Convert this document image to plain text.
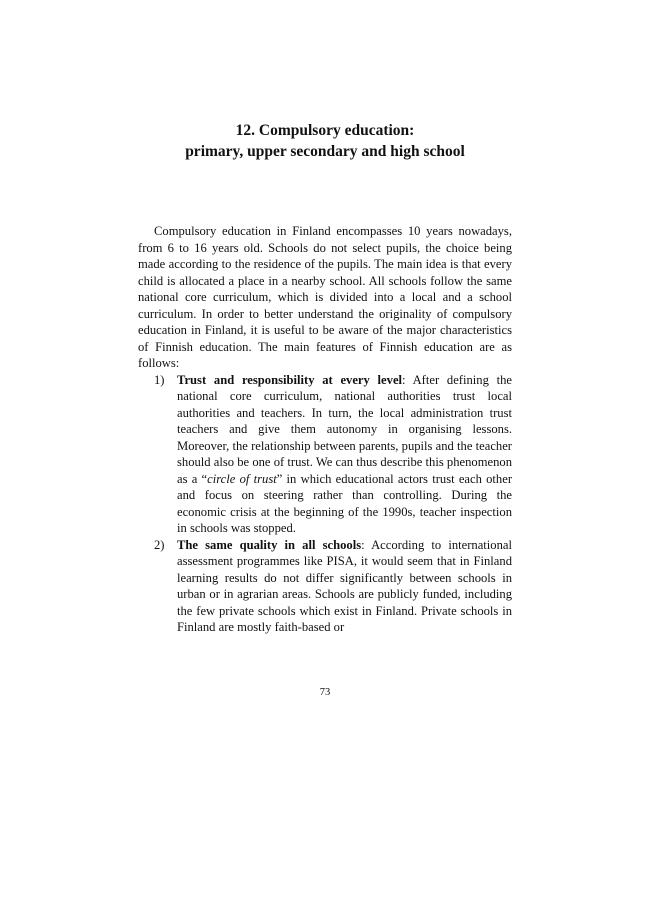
12. Compulsory education:
primary, upper secondary and high school

Compulsory education in Finland encompasses 10 years nowadays, from 6 to 16 years old. Schools do not select pupils, the choice being made according to the residence of the pupils. The main idea is that every child is allocated a place in a nearby school. All schools follow the same national core curriculum, which is divided into a local and a school curriculum. In order to better understand the originality of compulsory education in Finland, it is useful to be aware of the major characteristics of Finnish education. The main features of Finnish education are as follows:

1) Trust and responsibility at every level: After defining the national core curriculum, national authorities trust local authorities and teachers. In turn, the local administration trust teachers and give them autonomy in organising lessons. Moreover, the relationship between parents, pupils and the teacher should also be one of trust. We can thus describe this phenomenon as a “circle of trust” in which educational actors trust each other and focus on steering rather than controlling. During the economic crisis at the beginning of the 1990s, teacher inspection in schools was stopped.
2) The same quality in all schools: According to international assessment programmes like PISA, it would seem that in Finland learning results do not differ significantly between schools in urban or in agrarian areas. Schools are publicly funded, including the few private schools which exist in Finland. Private schools in Finland are mostly faith-based or
73
